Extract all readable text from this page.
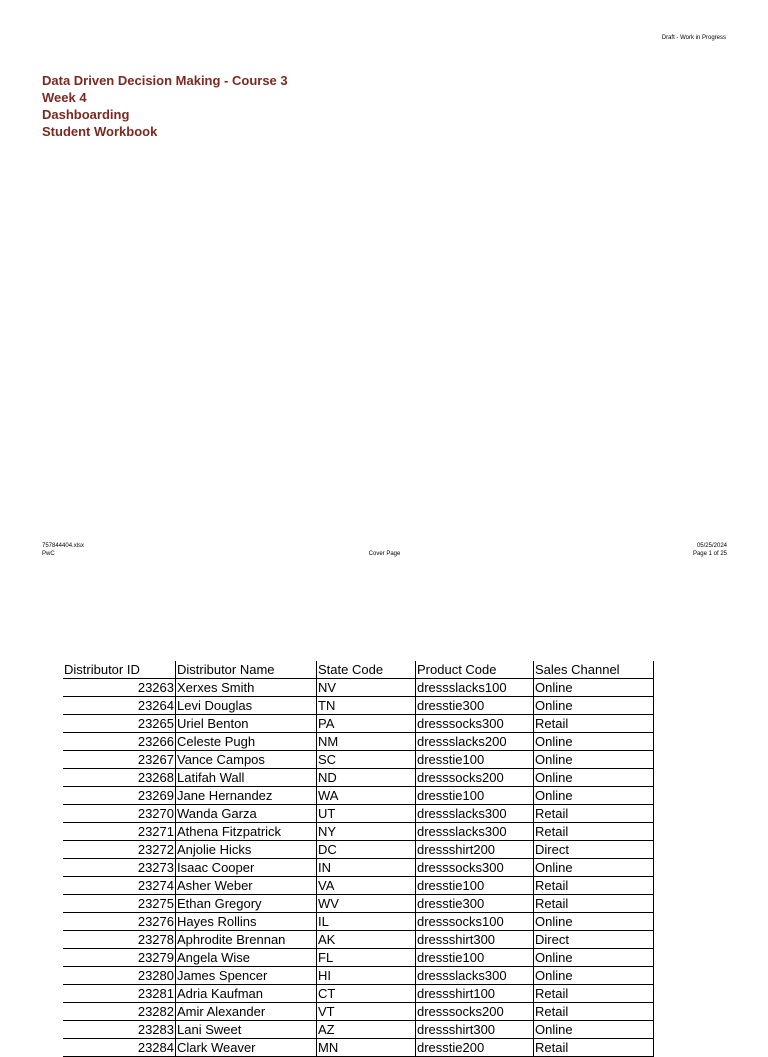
Draft - Work in Progress
Data Driven Decision Making - Course 3
Week 4
Dashboarding
Student Workbook
757844404.xlsx
PwC	Cover Page
05/25/2024
Page 1 of 25
Distributor ID	Distributor Name	State Code	Product Code	Sales Channel
23263	Xerxes Smith	NV	dressslacks100	Online
23264	Levi Douglas	TN	dresstie300	Online
23265	Uriel Benton	PA	dresssocks300	Retail
23266	Celeste Pugh	NM	dressslacks200	Online
23267	Vance Campos	SC	dresstie100	Online
23268	Latifah Wall	ND	dresssocks200	Online
23269	Jane Hernandez	WA	dresstie100	Online
23270	Wanda Garza	UT	dressslacks300	Retail
23271	Athena Fitzpatrick	NY	dressslacks300	Retail
23272	Anjolie Hicks	DC	dressshirt200	Direct
23273	Isaac Cooper	IN	dresssocks300	Online
23274	Asher Weber	VA	dresstie100	Retail
23275	Ethan Gregory	WV	dresstie300	Retail
23276	Hayes Rollins	IL	dresssocks100	Online
23278	Aphrodite Brennan	AK	dressshirt300	Direct
23279	Angela Wise	FL	dresstie100	Online
23280	James Spencer	HI	dressslacks300	Online
23281	Adria Kaufman	CT	dressshirt100	Retail
23282	Amir Alexander	VT	dresssocks200	Retail
23283	Lani Sweet	AZ	dressshirt300	Online
23284	Clark Weaver	MN	dresstie200	Retail
